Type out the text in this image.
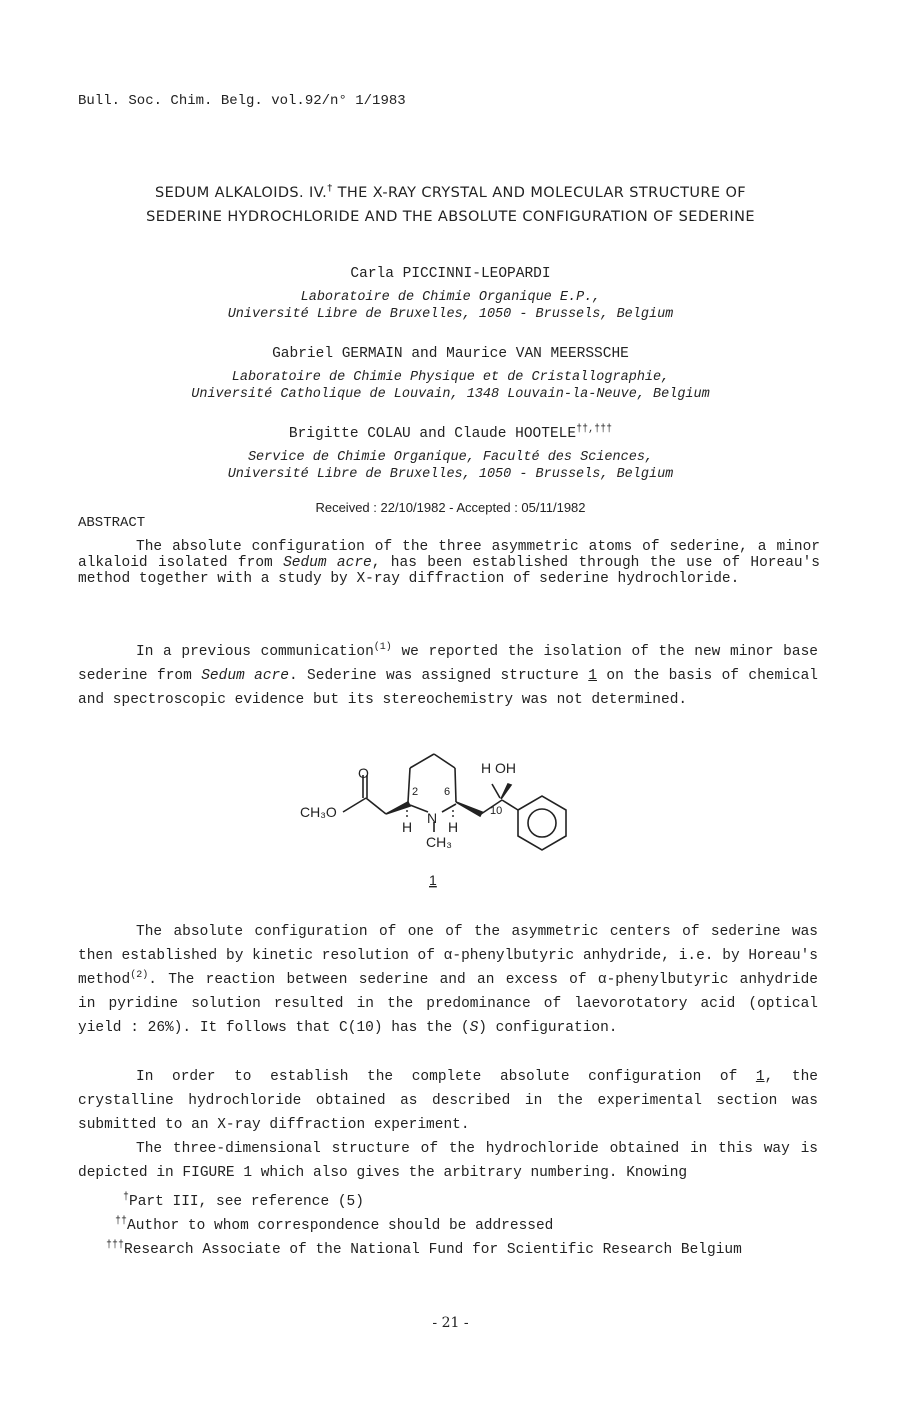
Bull. Soc. Chim. Belg. vol.92/n° 1/1983
SEDUM ALKALOIDS. IV.† THE X-RAY CRYSTAL AND MOLECULAR STRUCTURE OF
SEDERINE HYDROCHLORIDE AND THE ABSOLUTE CONFIGURATION OF SEDERINE
Carla PICCINNI-LEOPARDI
Laboratoire de Chimie Organique E.P.,
Université Libre de Bruxelles, 1050 - Brussels, Belgium
Gabriel GERMAIN and Maurice VAN MEERSSCHE
Laboratoire de Chimie Physique et de Cristallographie,
Université Catholique de Louvain, 1348 Louvain-la-Neuve, Belgium
Brigitte COLAU and Claude HOOTELE††,†††
Service de Chimie Organique, Faculté des Sciences,
Université Libre de Bruxelles, 1050 - Brussels, Belgium
Received : 22/10/1982 - Accepted : 05/11/1982
ABSTRACT
The absolute configuration of the three asymmetric atoms of sederine, a minor alkaloid isolated from Sedum acre, has been established through the use of Horeau's method together with a study by X-ray diffraction of sederine hydrochloride.
In a previous communication$^{(1)}$ we reported the isolation of the new minor base sederine from Sedum acre. Sederine was assigned structure 1 on the basis of chemical and spectroscopic evidence but its stereochemistry was not determined.
O
CH₃O	N
H	H
CH₃
H OH
2 6
10
1
The absolute configuration of one of the asymmetric centers of sederine was then established by kinetic resolution of α-phenylbutyric anhydride, i.e. by Horeau's method$^{(2)}$. The reaction between sederine and an excess of α-phenylbutyric anhydride in pyridine solution resulted in the predominance of laevorotatory acid (optical yield : 26%). It follows that C(10) has the (S) configuration.
In order to establish the complete absolute configuration of 1, the crystalline hydrochloride obtained as described in the experimental section was submitted to an X-ray diffraction experiment.
The three-dimensional structure of the hydrochloride obtained in this way is depicted in FIGURE 1 which also gives the arbitrary numbering. Knowing
†Part III, see reference (5)
††Author to whom correspondence should be addressed
†††Research Associate of the National Fund for Scientific Research Belgium
- 21 -
